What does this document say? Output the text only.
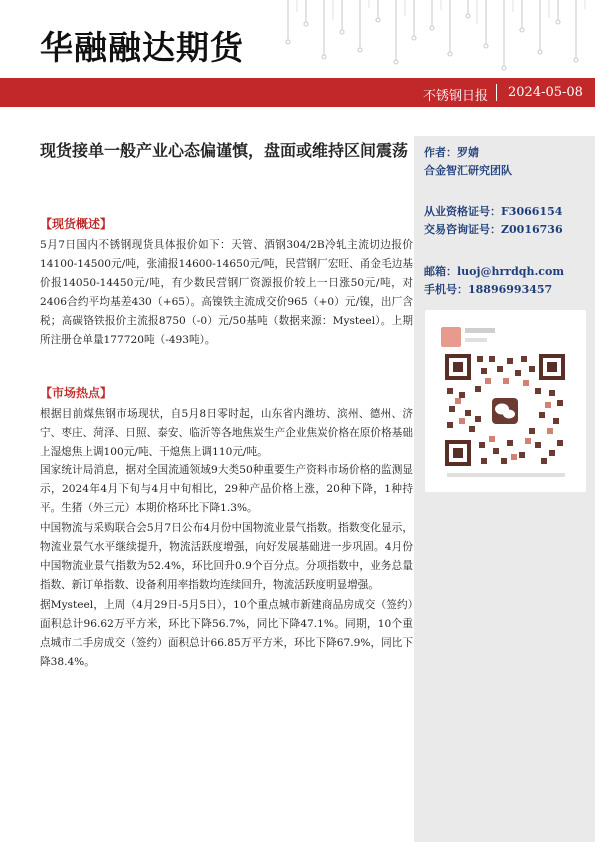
华融融达期货
不锈钢日报 2024-05-08
作者：罗婧
合金智汇研究团队
从业资格证号：F3066154
交易咨询证号：Z0016736
邮箱：luoj@hrrdqh.com
手机号：18896993457
现货接单一般产业心态偏谨慎，盘面或维持区间震荡
【现货概述】

5月7日国内不锈钢现货具体报价如下：天管、酒钢304/2B冷轧主流切边报价14100-14500元/吨，张浦报14600-14650元/吨，民营钢厂宏旺、甬金毛边基价报14050-14450元/吨，有少数民营钢厂资源报价较上一日涨50元/吨，对2406合约平均基差430（+65）。高镍铁主流成交价965（+0）元/镍，出厂含税；高碳铬铁报价主流报8750（-0）元/50基吨（数据来源：Mysteel）。上期所注册仓单量177720吨（-493吨）。

【市场热点】

根据目前煤焦钢市场现状，自5月8日零时起，山东省内潍坊、滨州、德州、济宁、枣庄、菏泽、日照、泰安、临沂等各地焦炭生产企业焦炭价格在原价格基础上湿熄焦上调100元/吨、干熄焦上调110元/吨。

国家统计局消息，据对全国流通领域9大类50种重要生产资料市场价格的监测显示，2024年4月下旬与4月中旬相比，29种产品价格上涨，20种下降，1种持平。生猪（外三元）本期价格环比下降1.3%。

中国物流与采购联合会5月7日公布4月份中国物流业景气指数。指数变化显示，物流业景气水平继续提升，物流活跃度增强，向好发展基础进一步巩固。4月份中国物流业景气指数为52.4%，环比回升0.9个百分点。分项指数中，业务总量指数、新订单指数、设备利用率指数均连续回升，物流活跃度明显增强。

据Mysteel，上周（4月29日-5月5日），10个重点城市新建商品房成交（签约）面积总计96.62万平方米，环比下降56.7%，同比下降47.1%。同期，10个重点城市二手房成交（签约）面积总计66.85万平方米，环比下降67.9%，同比下降38.4%。
